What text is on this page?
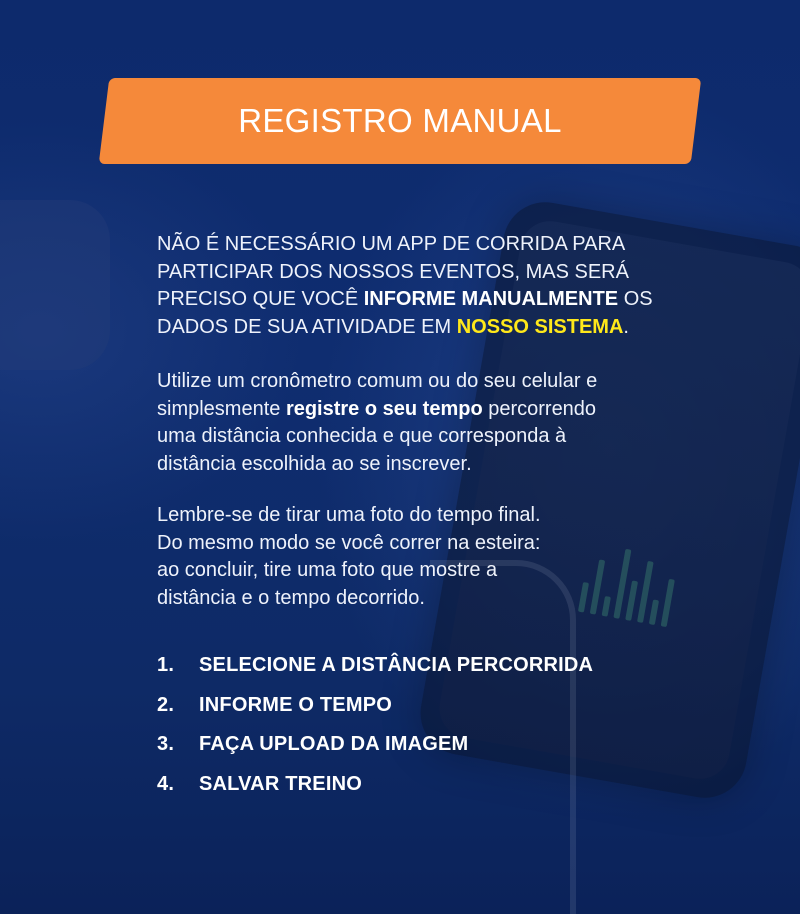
REGISTRO MANUAL
NÃO É NECESSÁRIO UM APP DE CORRIDA PARA
PARTICIPAR DOS NOSSOS EVENTOS, MAS SERÁ
PRECISO QUE VOCÊ INFORME MANUALMENTE OS
DADOS DE SUA ATIVIDADE EM NOSSO SISTEMA.
Utilize um cronômetro comum ou do seu celular e
simplesmente registre o seu tempo percorrendo
uma distância conhecida e que corresponda à
distância escolhida ao se inscrever.
Lembre-se de tirar uma foto do tempo final.
Do mesmo modo se você correr na esteira:
ao concluir, tire uma foto que mostre a
distância e o tempo decorrido.
1.	SELECIONE A DISTÂNCIA PERCORRIDA
2.	INFORME O TEMPO
3.	FAÇA UPLOAD DA IMAGEM
4.	SALVAR TREINO
